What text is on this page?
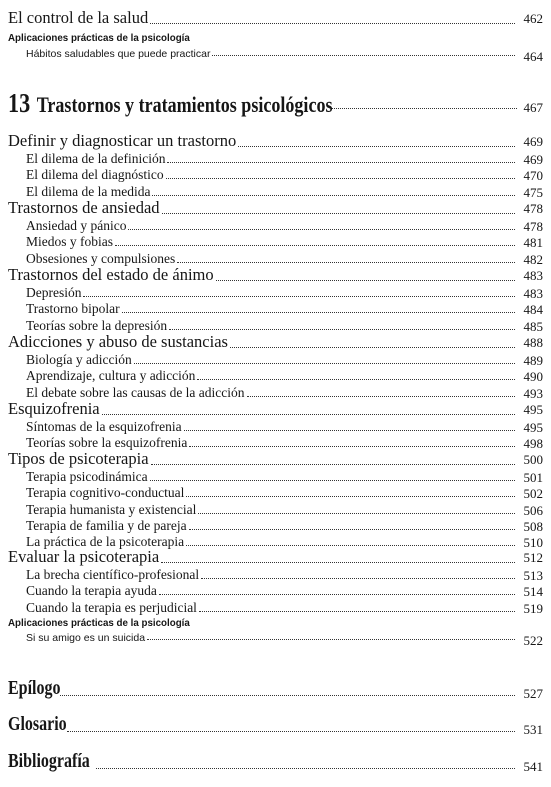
El control de la salud	462
Aplicaciones prácticas de la psicología
Hábitos saludables que puede practicar	464
13 Trastornos y tratamientos psicológicos	467
Definir y diagnosticar un trastorno	469
El dilema de la definición	469
El dilema del diagnóstico	470
El dilema de la medida	475
Trastornos de ansiedad	478
Ansiedad y pánico	478
Miedos y fobias	481
Obsesiones y compulsiones	482
Trastornos del estado de ánimo	483
Depresión	483
Trastorno bipolar	484
Teorías sobre la depresión	485
Adicciones y abuso de sustancias	488
Biología y adicción	489
Aprendizaje, cultura y adicción	490
El debate sobre las causas de la adicción	493
Esquizofrenia	495
Síntomas de la esquizofrenia	495
Teorías sobre la esquizofrenia	498
Tipos de psicoterapia	500
Terapia psicodinámica	501
Terapia cognitivo-conductual	502
Terapia humanista y existencial	506
Terapia de familia y de pareja	508
La práctica de la psicoterapia	510
Evaluar la psicoterapia	512
La brecha científico-profesional	513
Cuando la terapia ayuda	514
Cuando la terapia es perjudicial	519
Aplicaciones prácticas de la psicología
Si su amigo es un suicida	522
Epílogo	527
Glosario	531
Bibliografía	541
